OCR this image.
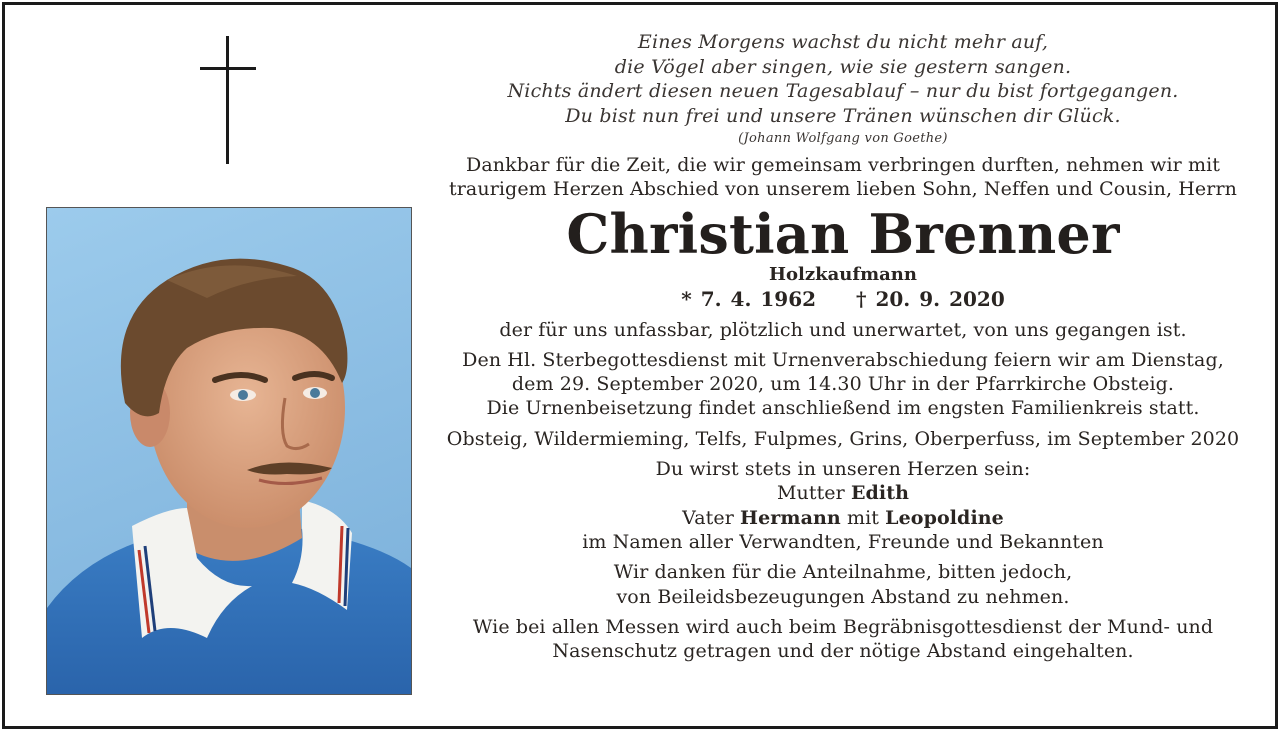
Eines Morgens wachst du nicht mehr auf,
die Vögel aber singen, wie sie gestern sangen.
Nichts ändert diesen neuen Tagesablauf – nur du bist fortgegangen.
Du bist nun frei und unsere Tränen wünschen dir Glück.
(Johann Wolfgang von Goethe)
Dankbar für die Zeit, die wir gemeinsam verbringen durften, nehmen wir mit
traurigem Herzen Abschied von unserem lieben Sohn, Neffen und Cousin, Herrn
Christian Brenner
Holzkaufmann
* 7. 4. 1962 † 20. 9. 2020
der für uns unfassbar, plötzlich und unerwartet, von uns gegangen ist.
Den Hl. Sterbegottesdienst mit Urnenverabschiedung feiern wir am Dienstag,
dem 29. September 2020, um 14.30 Uhr in der Pfarrkirche Obsteig.
Die Urnenbeisetzung findet anschließend im engsten Familienkreis statt.
Obsteig, Wildermieming, Telfs, Fulpmes, Grins, Oberperfuss, im September 2020
Du wirst stets in unseren Herzen sein:
Mutter Edith
Vater Hermann mit Leopoldine
im Namen aller Verwandten, Freunde und Bekannten
Wir danken für die Anteilnahme, bitten jedoch,
von Beileidsbezeugungen Abstand zu nehmen.
Wie bei allen Messen wird auch beim Begräbnisgottesdienst der Mund- und
Nasenschutz getragen und der nötige Abstand eingehalten.
